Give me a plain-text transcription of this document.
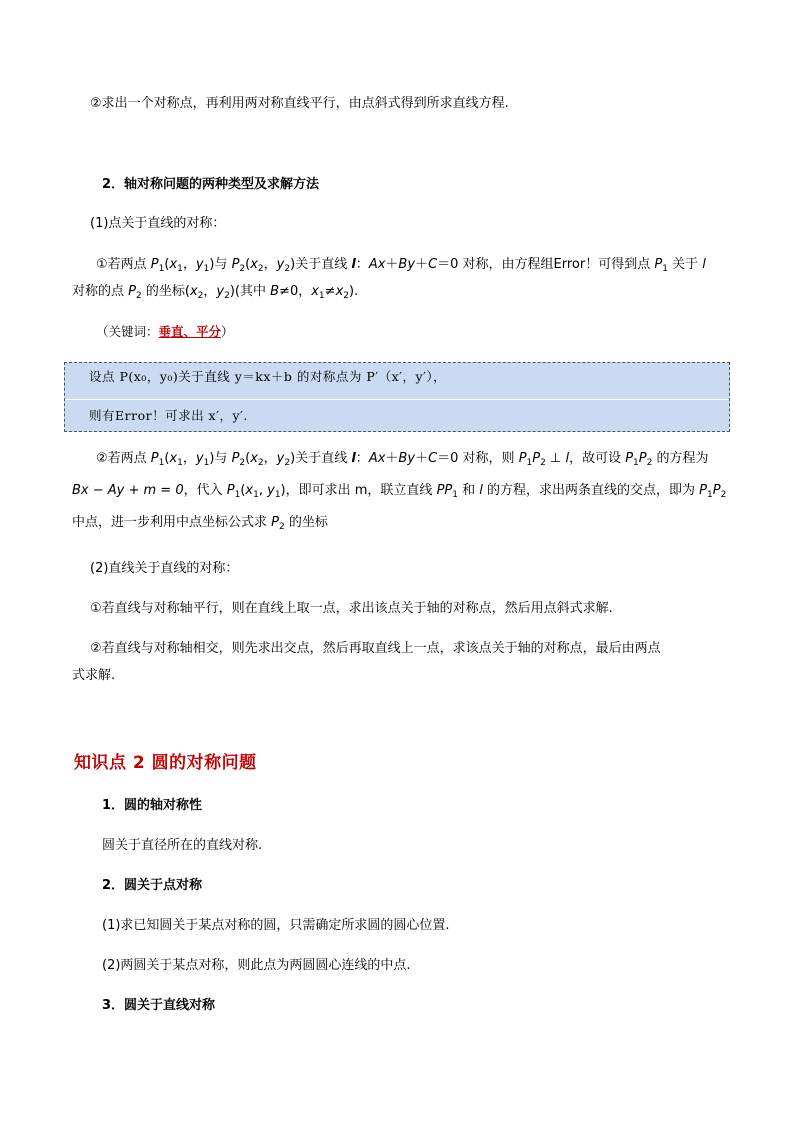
②求出一个对称点，再利用两对称直线平行，由点斜式得到所求直线方程.
2．轴对称问题的两种类型及求解方法
(1)点关于直线的对称：
①若两点 $P_1(x_1$，$y_1$)与 $P_2(x_2$，$y_2$)关于直线 l：Ax＋By＋C＝0 对称，由方程组Error！可得到点 $P_1$ 关于 l
对称的点 $P_2$ 的坐标($x_2$，$y_2$)(其中 B≠0，$x_1\ne x_2$).
（关键词：垂直、平分）
设点 P(x₀，y₀)关于直线 y＝kx＋b 的对称点为 P′（x′，y′），
则有Error！可求出 x′，y′.
②若两点 $P_1(x_1$，$y_1$)与 $P_2(x_2$，$y_2$)关于直线 l：Ax＋By＋C＝0 对称，则 $P_1P_2$ ⊥ l，故可设 $P_1P_2$ 的方程为
Bx − Ay + m = 0，代入 $P_1(x_1$, $y_1$)，即可求出 m，联立直线 $PP_1$ 和 l 的方程，求出两条直线的交点，即为 $P_1P_2$
中点，进一步利用中点坐标公式求 $P_2$ 的坐标
(2)直线关于直线的对称：
①若直线与对称轴平行，则在直线上取一点，求出该点关于轴的对称点，然后用点斜式求解.
②若直线与对称轴相交，则先求出交点，然后再取直线上一点，求该点关于轴的对称点，最后由两点
式求解.
知识点 2 圆的对称问题
1．圆的轴对称性
圆关于直径所在的直线对称.
2．圆关于点对称
(1)求已知圆关于某点对称的圆，只需确定所求圆的圆心位置.
(2)两圆关于某点对称，则此点为两圆圆心连线的中点.
3．圆关于直线对称
